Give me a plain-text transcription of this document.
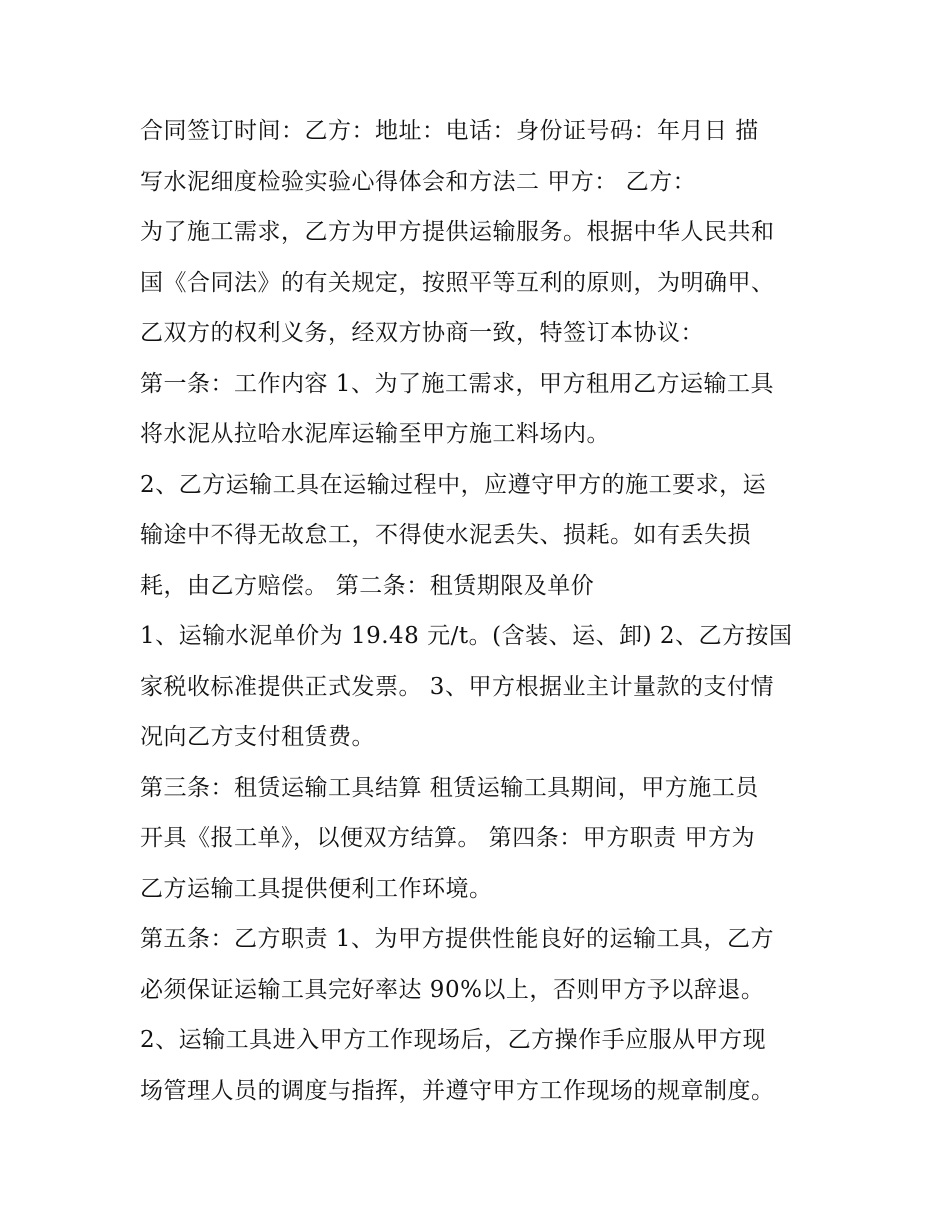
合同签订时间：乙方：地址：电话：身份证号码：年月日 描
写水泥细度检验实验心得体会和方法二 甲方： 乙方：
为了施工需求，乙方为甲方提供运输服务。根据中华人民共和
国《合同法》的有关规定，按照平等互利的原则，为明确甲、
乙双方的权利义务，经双方协商一致，特签订本协议：
第一条：工作内容 1、为了施工需求，甲方租用乙方运输工具
将水泥从拉哈水泥库运输至甲方施工料场内。
2、乙方运输工具在运输过程中，应遵守甲方的施工要求，运
输途中不得无故怠工，不得使水泥丢失、损耗。如有丢失损
耗，由乙方赔偿。 第二条：租赁期限及单价
1、运输水泥单价为 19.48 元/t。(含装、运、卸) 2、乙方按国
家税收标准提供正式发票。 3、甲方根据业主计量款的支付情
况向乙方支付租赁费。
第三条：租赁运输工具结算 租赁运输工具期间，甲方施工员
开具《报工单》，以便双方结算。 第四条：甲方职责 甲方为
乙方运输工具提供便利工作环境。
第五条：乙方职责 1、为甲方提供性能良好的运输工具，乙方
必须保证运输工具完好率达 90%以上，否则甲方予以辞退。
2、运输工具进入甲方工作现场后，乙方操作手应服从甲方现
场管理人员的调度与指挥，并遵守甲方工作现场的规章制度。
